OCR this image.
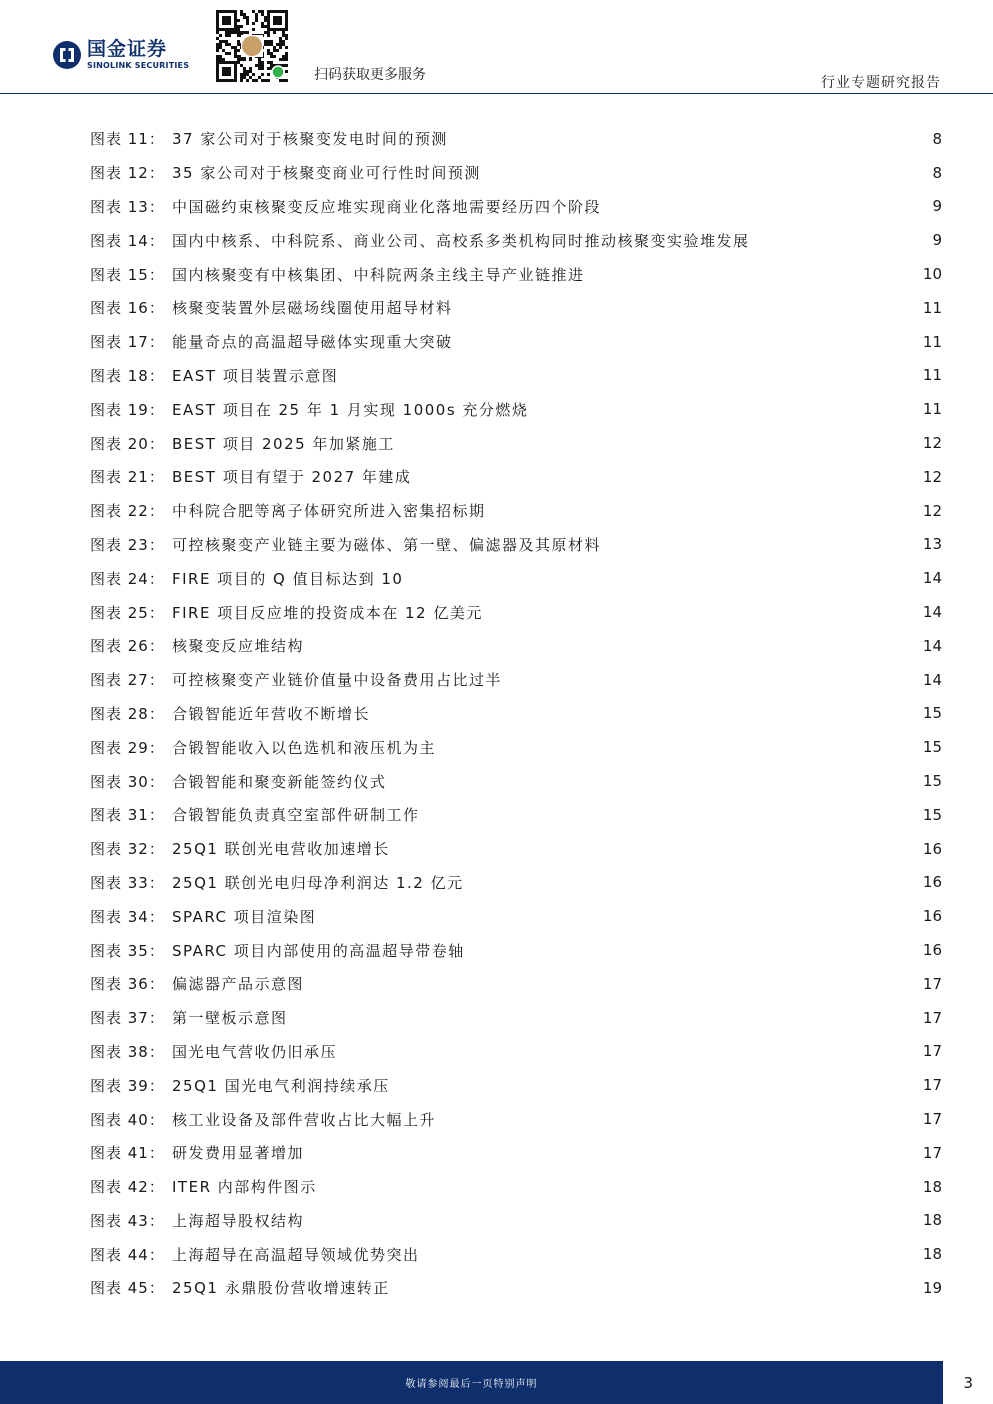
国金证券
SINOLINK SECURITIES
扫码获取更多服务	行业专题研究报告
图表 11： 37 家公司对于核聚变发电时间的预测	8
图表 12： 35 家公司对于核聚变商业可行性时间预测	8
图表 13： 中国磁约束核聚变反应堆实现商业化落地需要经历四个阶段	9
图表 14： 国内中核系、中科院系、商业公司、高校系多类机构同时推动核聚变实验堆发展	9
图表 15： 国内核聚变有中核集团、中科院两条主线主导产业链推进	10
图表 16： 核聚变装置外层磁场线圈使用超导材料	11
图表 17： 能量奇点的高温超导磁体实现重大突破	11
图表 18： EAST 项目装置示意图	11
图表 19： EAST 项目在 25 年 1 月实现 1000s 充分燃烧	11
图表 20： BEST 项目 2025 年加紧施工	12
图表 21： BEST 项目有望于 2027 年建成	12
图表 22： 中科院合肥等离子体研究所进入密集招标期	12
图表 23： 可控核聚变产业链主要为磁体、第一壁、偏滤器及其原材料	13
图表 24： FIRE 项目的 Q 值目标达到 10	14
图表 25： FIRE 项目反应堆的投资成本在 12 亿美元	14
图表 26： 核聚变反应堆结构	14
图表 27： 可控核聚变产业链价值量中设备费用占比过半	14
图表 28： 合锻智能近年营收不断增长	15
图表 29： 合锻智能收入以色选机和液压机为主	15
图表 30： 合锻智能和聚变新能签约仪式	15
图表 31： 合锻智能负责真空室部件研制工作	15
图表 32： 25Q1 联创光电营收加速增长	16
图表 33： 25Q1 联创光电归母净利润达 1.2 亿元	16
图表 34： SPARC 项目渲染图	16
图表 35： SPARC 项目内部使用的高温超导带卷轴	16
图表 36： 偏滤器产品示意图	17
图表 37： 第一壁板示意图	17
图表 38： 国光电气营收仍旧承压	17
图表 39： 25Q1 国光电气利润持续承压	17
图表 40： 核工业设备及部件营收占比大幅上升	17
图表 41： 研发费用显著增加	17
图表 42： ITER 内部构件图示	18
图表 43： 上海超导股权结构	18
图表 44： 上海超导在高温超导领域优势突出	18
图表 45： 25Q1 永鼎股份营收增速转正	19
敬请参阅最后一页特别声明	3
